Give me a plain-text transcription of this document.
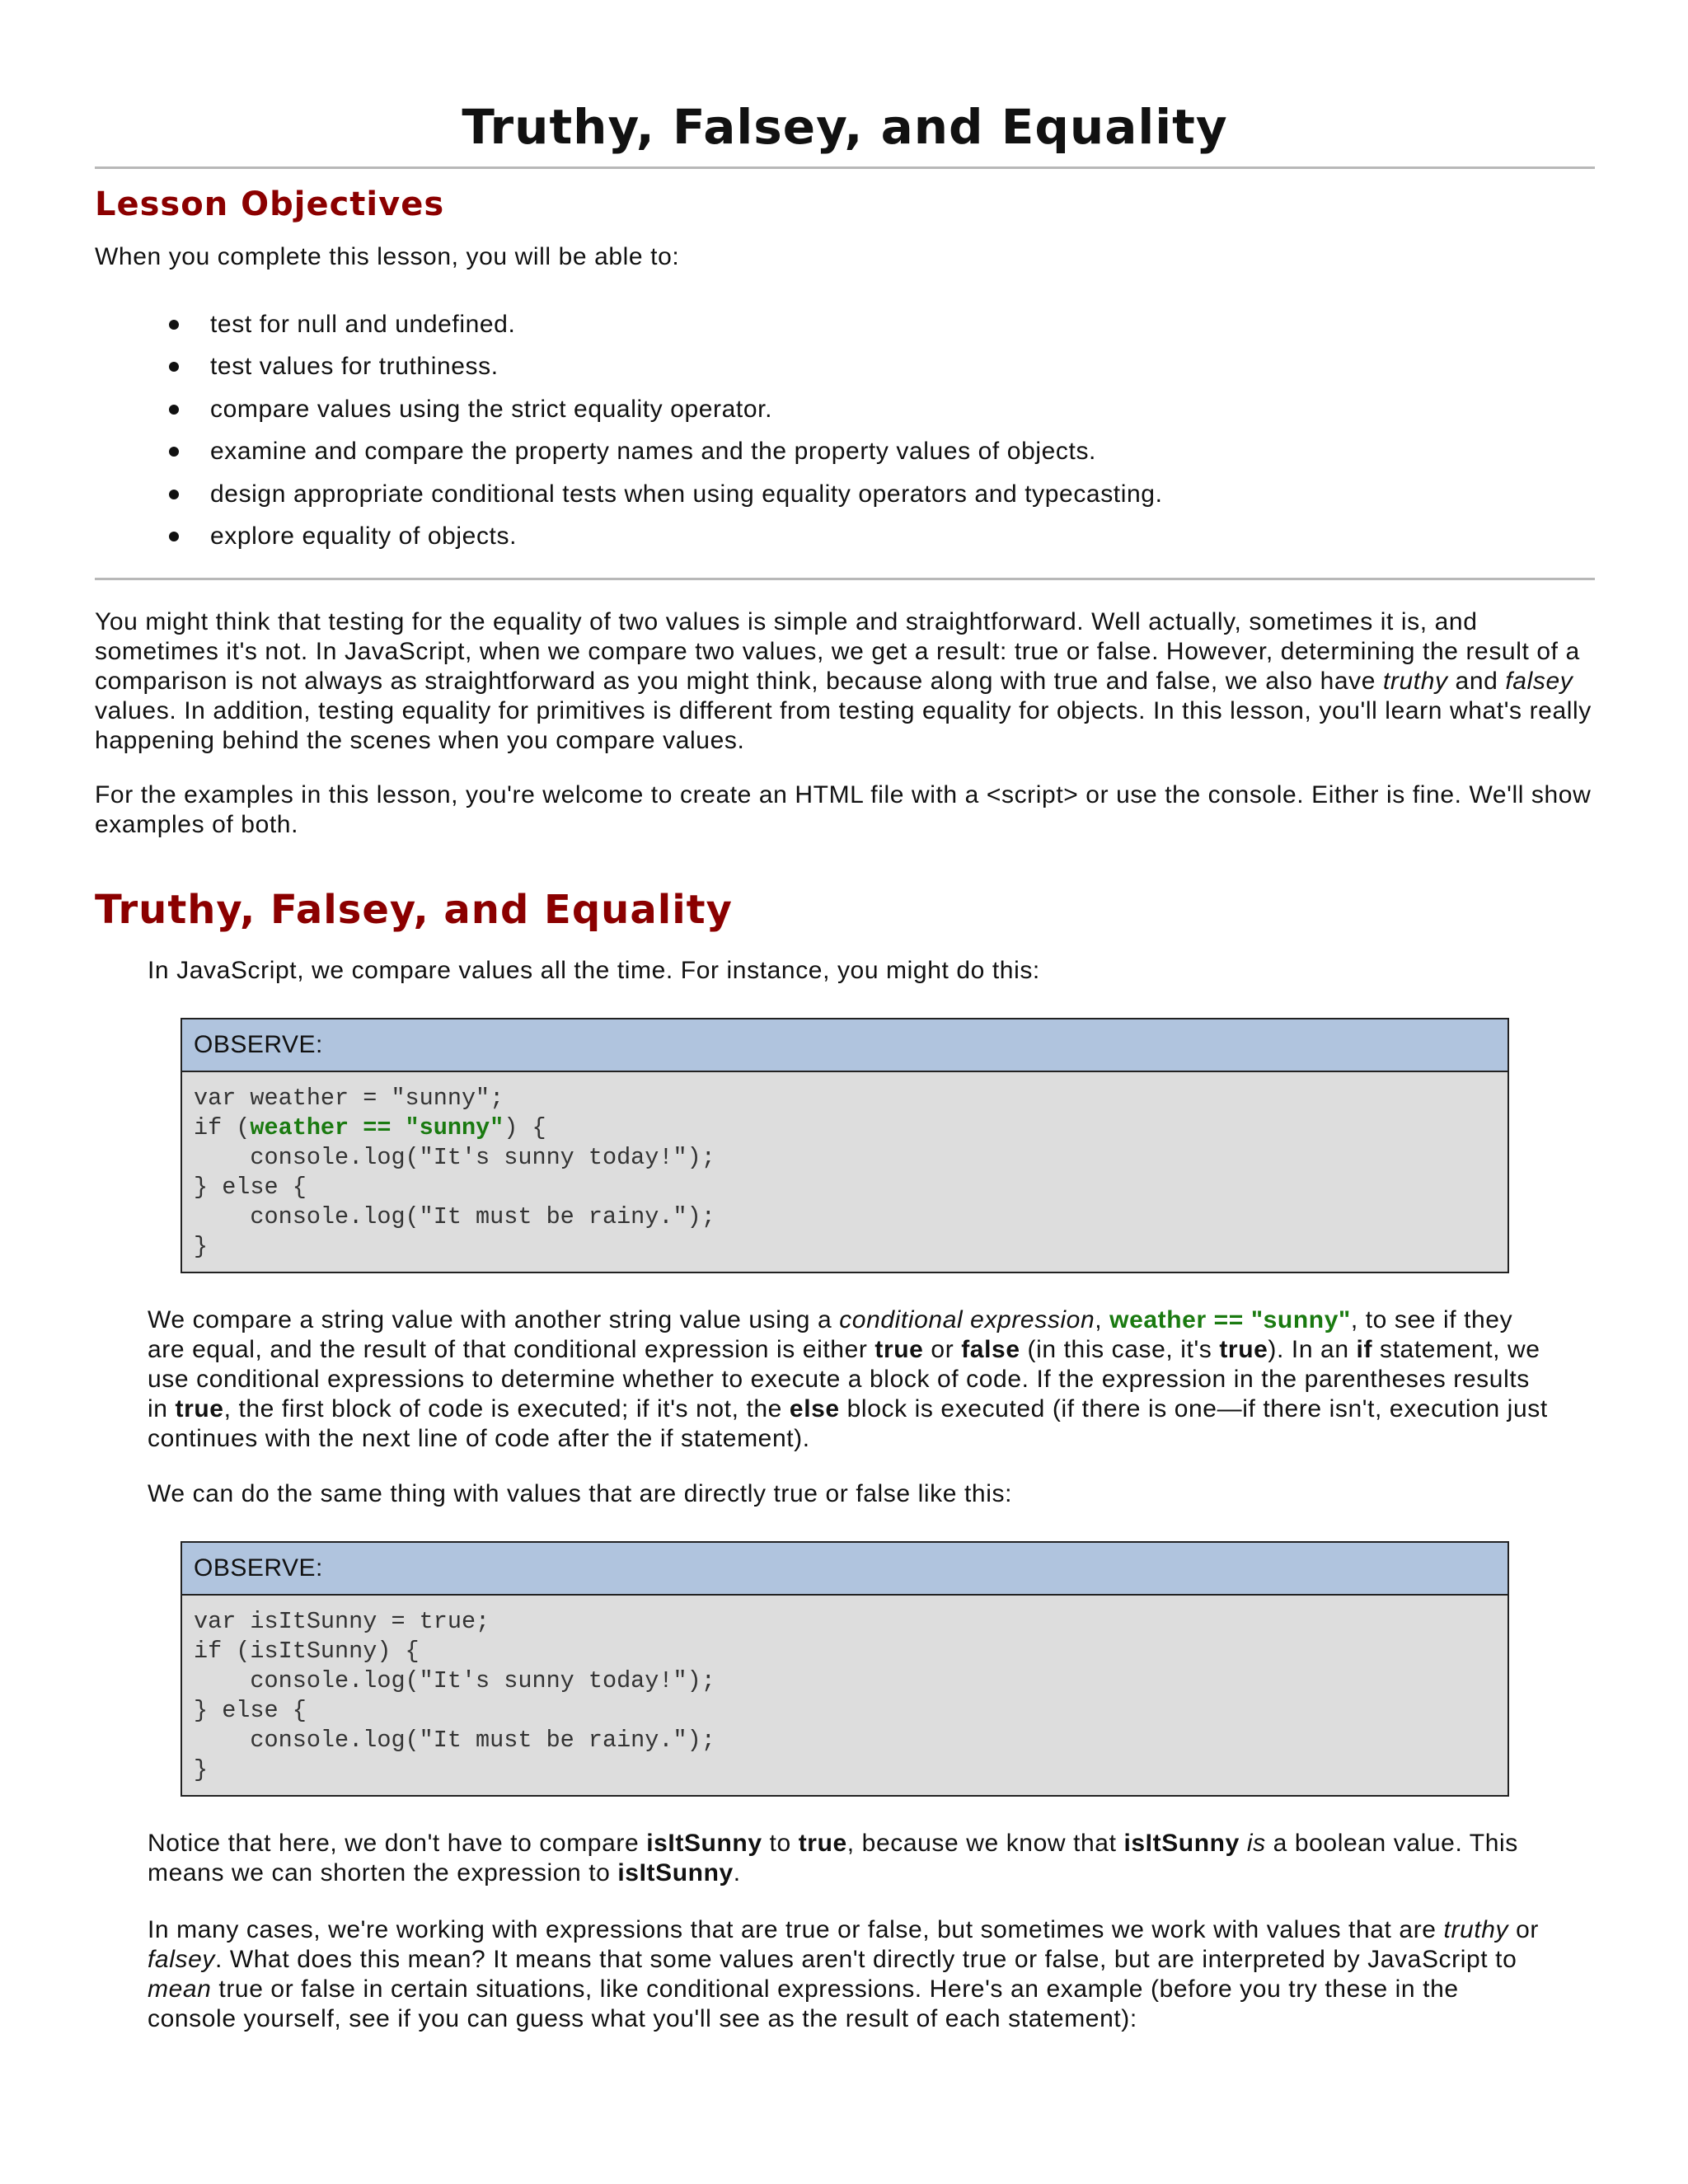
Truthy, Falsey, and Equality
Lesson Objectives

When you complete this lesson, you will be able to:

test for null and undefined.
test values for truthiness.
compare values using the strict equality operator.
examine and compare the property names and the property values of objects.
design appropriate conditional tests when using equality operators and typecasting.
explore equality of objects.

You might think that testing for the equality of two values is simple and straightforward. Well actually, sometimes it is, and sometimes it's not. In JavaScript, when we compare two values, we get a result: true or false. However, determining the result of a comparison is not always as straightforward as you might think, because along with true and false, we also have truthy and falsey values. In addition, testing equality for primitives is different from testing equality for objects. In this lesson, you'll learn what's really happening behind the scenes when you compare values.

For the examples in this lesson, you're welcome to create an HTML file with a <script> or use the console. Either is fine. We'll show examples of both.

Truthy, Falsey, and Equality

In JavaScript, we compare values all the time. For instance, you might do this:

OBSERVE:
var weather = "sunny";
if (weather == "sunny") {
console.log("It's sunny today!");
} else {
console.log("It must be rainy.");
}

We compare a string value with another string value using a conditional expression, weather == "sunny", to see if they are equal, and the result of that conditional expression is either true or false (in this case, it's true). In an if statement, we use conditional expressions to determine whether to execute a block of code. If the expression in the parentheses results in true, the first block of code is executed; if it's not, the else block is executed (if there is one—if there isn't, execution just continues with the next line of code after the if statement).

We can do the same thing with values that are directly true or false like this:

OBSERVE:
var isItSunny = true;
if (isItSunny) {
console.log("It's sunny today!");
} else {
console.log("It must be rainy.");
}

Notice that here, we don't have to compare isItSunny to true, because we know that isItSunny is a boolean value. This means we can shorten the expression to isItSunny.

In many cases, we're working with expressions that are true or false, but sometimes we work with values that are truthy or falsey. What does this mean? It means that some values aren't directly true or false, but are interpreted by JavaScript to mean true or false in certain situations, like conditional expressions. Here's an example (before you try these in the console yourself, see if you can guess what you'll see as the result of each statement):
